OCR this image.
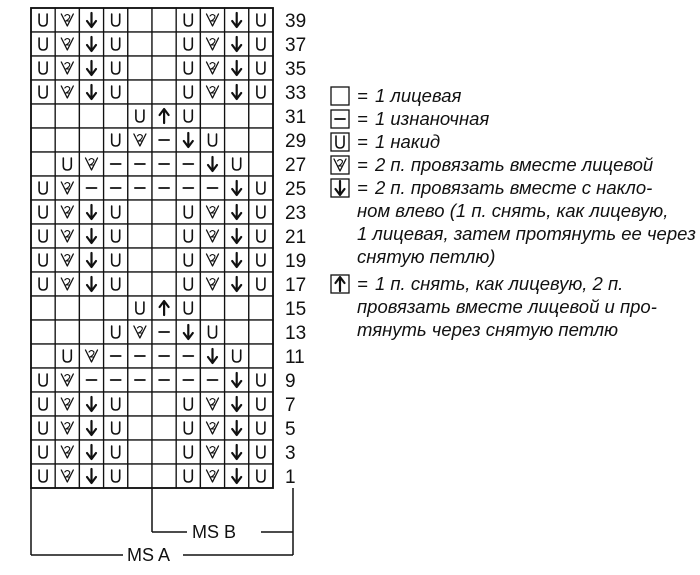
39
37
35
33
31
29
27
25
23
21
19
17
15
13
11
9
7
5
3
1
MS B
MS A
= 1 лицевая
= 1 изнаночная
= 1 накид
= 2 п. провязать вместе лицевой
= 2 п. провязать вместе с накло-
ном влево (1 п. снять, как лицевую,
1 лицевая, затем протянуть ее через
снятую петлю)
= 1 п. снять, как лицевую, 2 п.
провязать вместе лицевой и про-
тянуть через снятую петлю
